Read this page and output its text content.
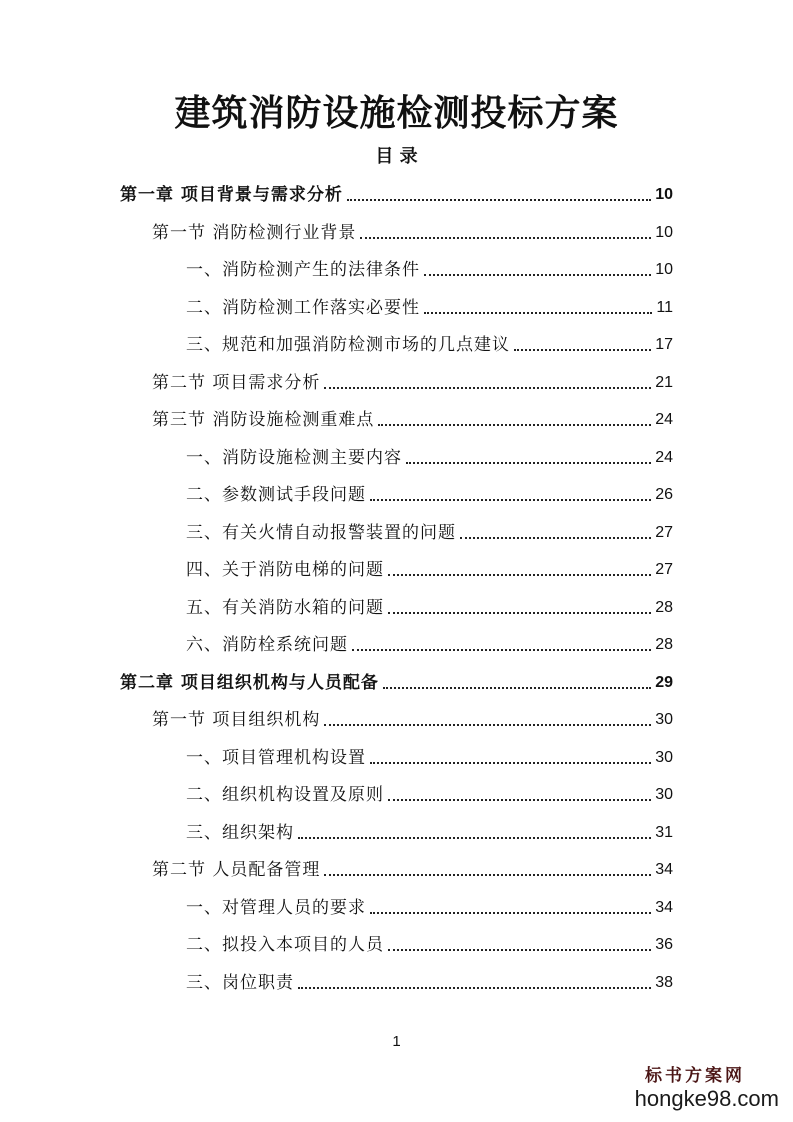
建筑消防设施检测投标方案
目 录
第一章 项目背景与需求分析	10
第一节 消防检测行业背景	10
一、消防检测产生的法律条件	10
二、消防检测工作落实必要性	11
三、规范和加强消防检测市场的几点建议	17
第二节 项目需求分析	21
第三节 消防设施检测重难点	24
一、消防设施检测主要内容	24
二、参数测试手段问题	26
三、有关火情自动报警装置的问题	27
四、关于消防电梯的问题	27
五、有关消防水箱的问题	28
六、消防栓系统问题	28
第二章 项目组织机构与人员配备	29
第一节 项目组织机构	30
一、项目管理机构设置	30
二、组织机构设置及原则	30
三、组织架构	31
第二节 人员配备管理	34
一、对管理人员的要求	34
二、拟投入本项目的人员	36
三、岗位职责	38
1
标书方案网
hongke98.com
